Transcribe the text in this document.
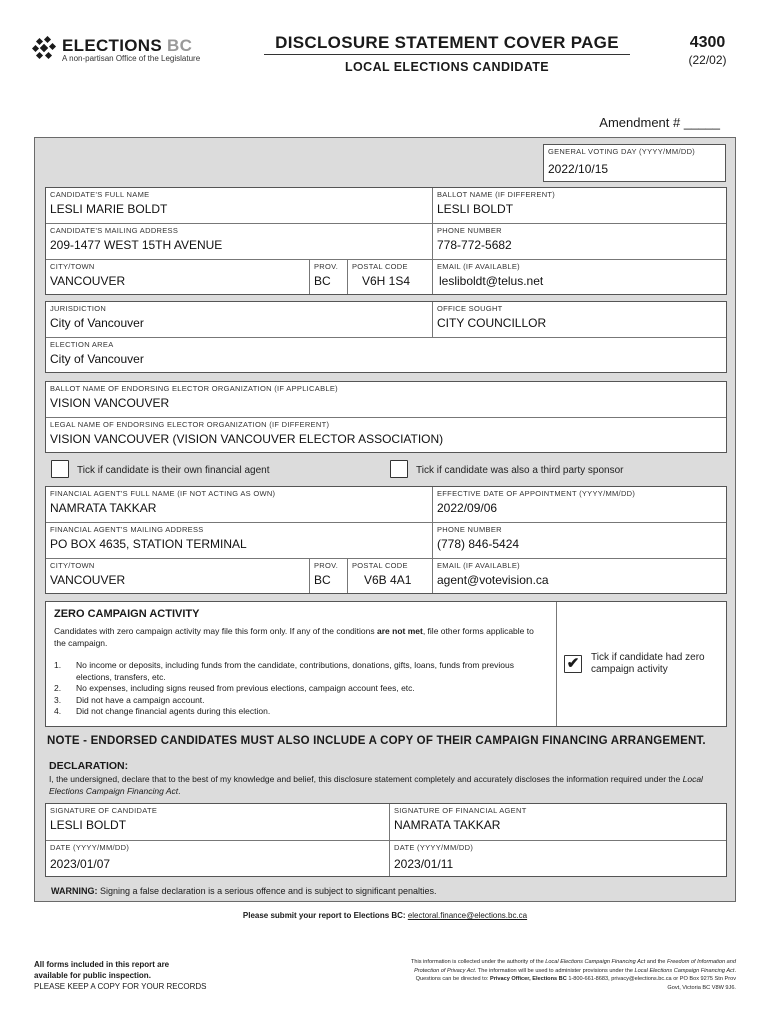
ELECTIONS BC
A non-partisan Office of the Legislature
DISCLOSURE STATEMENT COVER PAGE
LOCAL ELECTIONS CANDIDATE
4300
(22/02)
Amendment # _____
GENERAL VOTING DAY (YYYY/MM/DD)
2022/10/15
CANDIDATE'S FULL NAME
LESLI MARIE BOLDT
BALLOT NAME (IF DIFFERENT)
LESLI BOLDT
CANDIDATE'S MAILING ADDRESS
209-1477 WEST 15TH AVENUE
PHONE NUMBER
778-772-5682
CITY/TOWN
VANCOUVER
PROV.
BC
POSTAL CODE
V6H 1S4
EMAIL (IF AVAILABLE)
lesliboldt@telus.net
JURISDICTION
City of Vancouver
OFFICE SOUGHT
CITY COUNCILLOR
ELECTION AREA
City of Vancouver
BALLOT NAME OF ENDORSING ELECTOR ORGANIZATION (IF APPLICABLE)
VISION VANCOUVER
LEGAL NAME OF ENDORSING ELECTOR ORGANIZATION (IF DIFFERENT)
VISION VANCOUVER (VISION VANCOUVER ELECTOR ASSOCIATION)
Tick if candidate is their own financial agent	Tick if candidate was also a third party sponsor
FINANCIAL AGENT'S FULL NAME (IF NOT ACTING AS OWN)
NAMRATA TAKKAR
EFFECTIVE DATE OF APPOINTMENT (YYYY/MM/DD)
2022/09/06
FINANCIAL AGENT'S MAILING ADDRESS
PO BOX 4635, STATION TERMINAL
PHONE NUMBER
(778) 846-5424
CITY/TOWN
VANCOUVER
PROV.
BC
POSTAL CODE
V6B 4A1
EMAIL (IF AVAILABLE)
agent@votevision.ca
ZERO CAMPAIGN ACTIVITY
Candidates with zero campaign activity may file this form only. If any of the conditions are not met, file other forms applicable to the campaign.
1.	No income or deposits, including funds from the candidate, contributions, donations, gifts, loans, funds from previous elections, transfers, etc.
2.	No expenses, including signs reused from previous elections, campaign account fees, etc.
3.	Did not have a campaign account.
4.	Did not change financial agents during this election.
✔ Tick if candidate had zero campaign activity
NOTE - ENDORSED CANDIDATES MUST ALSO INCLUDE A COPY OF THEIR CAMPAIGN FINANCING ARRANGEMENT.
DECLARATION:
I, the undersigned, declare that to the best of my knowledge and belief, this disclosure statement completely and accurately discloses the information required under the Local Elections Campaign Financing Act.
SIGNATURE OF CANDIDATE
LESLI BOLDT
SIGNATURE OF FINANCIAL AGENT
NAMRATA TAKKAR
DATE (YYYY/MM/DD)
2023/01/07
DATE (YYYY/MM/DD)
2023/01/11
WARNING: Signing a false declaration is a serious offence and is subject to significant penalties.
Please submit your report to Elections BC: electoral.finance@elections.bc.ca
All forms included in this report are available for public inspection.
PLEASE KEEP A COPY FOR YOUR RECORDS
This information is collected under the authority of the Local Elections Campaign Financing Act and the Freedom of Information and Protection of Privacy Act. The information will be used to administer provisions under the Local Elections Campaign Financing Act. Questions can be directed to: Privacy Officer, Elections BC 1-800-661-8683, privacy@elections.bc.ca or PO Box 9275 Stn Prov Govt, Victoria BC V8W 9J6.
